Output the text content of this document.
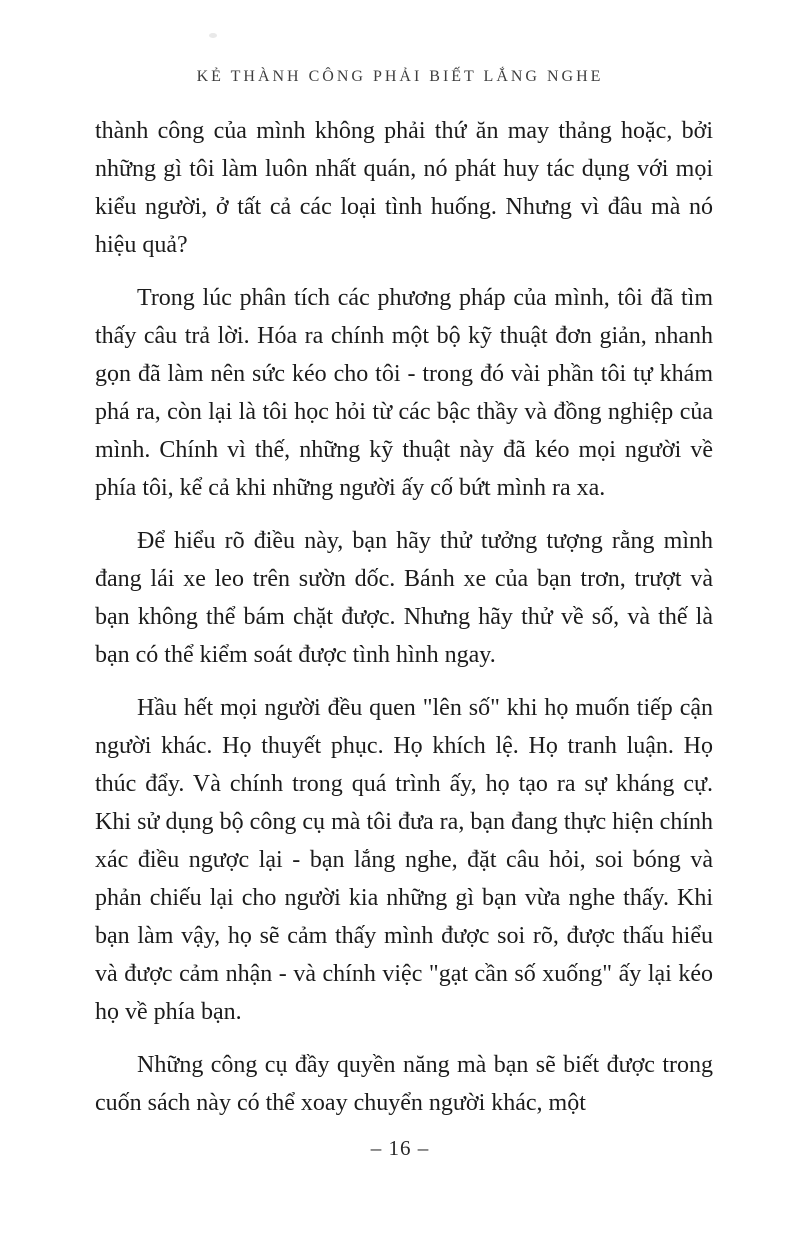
KẺ THÀNH CÔNG PHẢI BIẾT LẮNG NGHE

thành công của mình không phải thứ ăn may thảng hoặc, bởi những gì tôi làm luôn nhất quán, nó phát huy tác dụng với mọi kiểu người, ở tất cả các loại tình huống. Nhưng vì đâu mà nó hiệu quả?

Trong lúc phân tích các phương pháp của mình, tôi đã tìm thấy câu trả lời. Hóa ra chính một bộ kỹ thuật đơn giản, nhanh gọn đã làm nên sức kéo cho tôi - trong đó vài phần tôi tự khám phá ra, còn lại là tôi học hỏi từ các bậc thầy và đồng nghiệp của mình. Chính vì thế, những kỹ thuật này đã kéo mọi người về phía tôi, kể cả khi những người ấy cố bứt mình ra xa.

Để hiểu rõ điều này, bạn hãy thử tưởng tượng rằng mình đang lái xe leo trên sườn dốc. Bánh xe của bạn trơn, trượt và bạn không thể bám chặt được. Nhưng hãy thử về số, và thế là bạn có thể kiểm soát được tình hình ngay.

Hầu hết mọi người đều quen "lên số" khi họ muốn tiếp cận người khác. Họ thuyết phục. Họ khích lệ. Họ tranh luận. Họ thúc đẩy. Và chính trong quá trình ấy, họ tạo ra sự kháng cự. Khi sử dụng bộ công cụ mà tôi đưa ra, bạn đang thực hiện chính xác điều ngược lại - bạn lắng nghe, đặt câu hỏi, soi bóng và phản chiếu lại cho người kia những gì bạn vừa nghe thấy. Khi bạn làm vậy, họ sẽ cảm thấy mình được soi rõ, được thấu hiểu và được cảm nhận - và chính việc "gạt cần số xuống" ấy lại kéo họ về phía bạn.

Những công cụ đầy quyền năng mà bạn sẽ biết được trong cuốn sách này có thể xoay chuyển người khác, một

– 16 –
